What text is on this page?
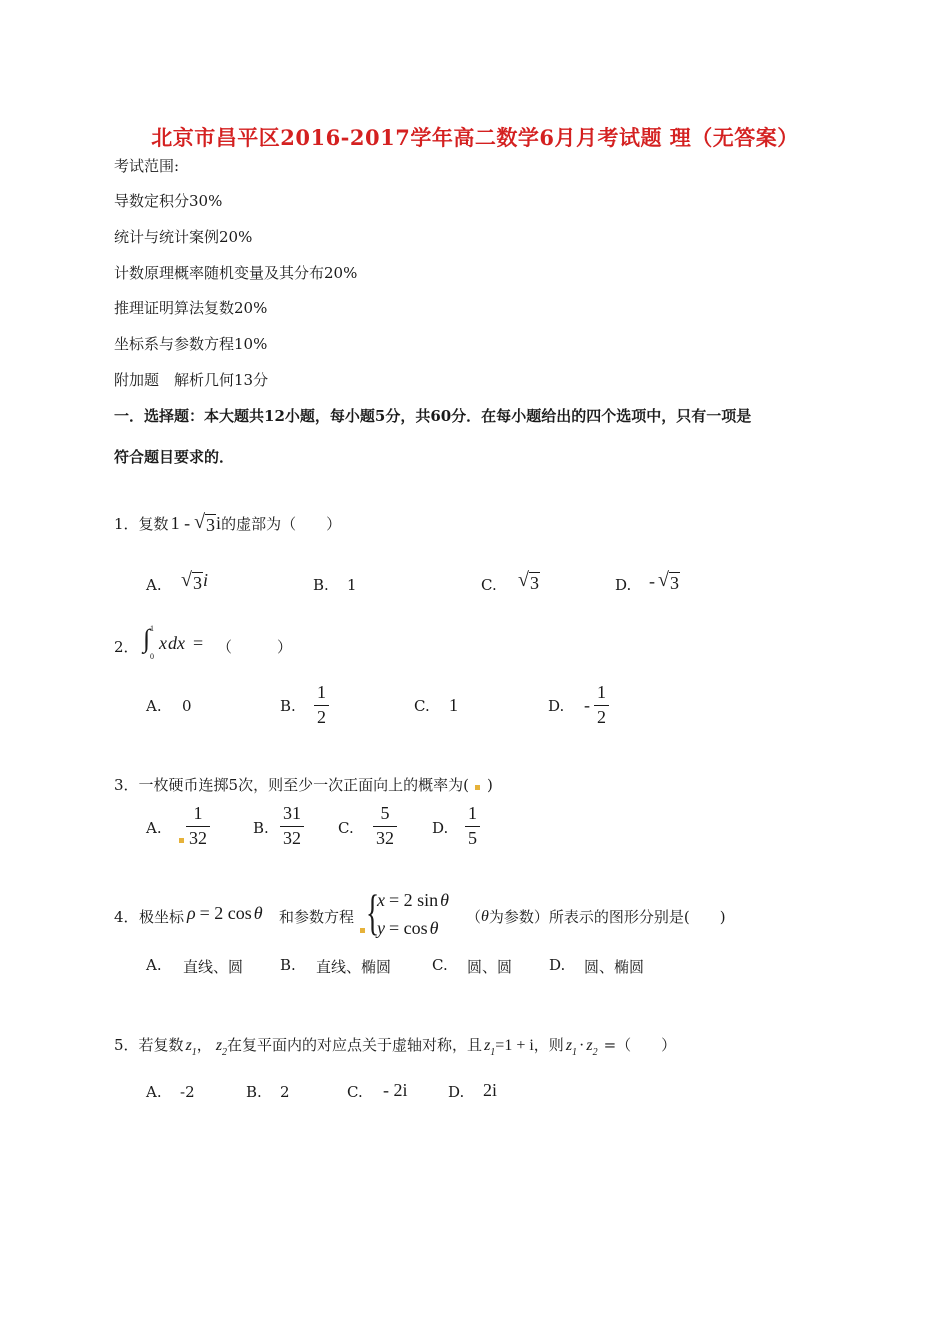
北京市昌平区2016-2017学年高二数学6月月考试题 理（无答案）
考试范围:
导数定积分30%
统计与统计案例20%
计数原理概率随机变量及其分布20%
推理证明算法复数20%
坐标系与参数方程10%
附加题　解析几何13分
一．选择题：本大题共12小题，每小题5分，共60分．在每小题给出的四个选项中，只有一项是
符合题目要求的．
1． 复数 1 - √ 3 i 的虚部为（　　）
A. √ 3 i	B. 1	C. √ 3	D. - √ 3
2． ∫ 1
0
x dx = （　　　）
A. 0	B. $\frac{1}{2}$	C. 1	D. - $\frac{1}{2}$
3． 一枚硬币连掷5次，则至少一次正面向上的概率为( )
A. $\frac{1}{32}$	B. $\frac{31}{32} C$. $\frac{5}{32} D$. $\frac{1}{5}$
4． 极坐标 ρ = 2 cos θ 和参数方程 {
x = 2 sin θ
y = cos θ
（ θ 为参数）所表示的图形分别是(　　)
A. 直线、圆 B. 直线、椭圆	C. 圆、圆 D. 圆、椭圆
5． 若复数 $z_1$ ， $z_2$ 在复平面内的对应点关于虚轴对称，且 $z_1 =1 + i$ ，则 $z_1 \cdot z_2$ =（　　）
A. -2	B. 2	C. - 2i	D. 2i
